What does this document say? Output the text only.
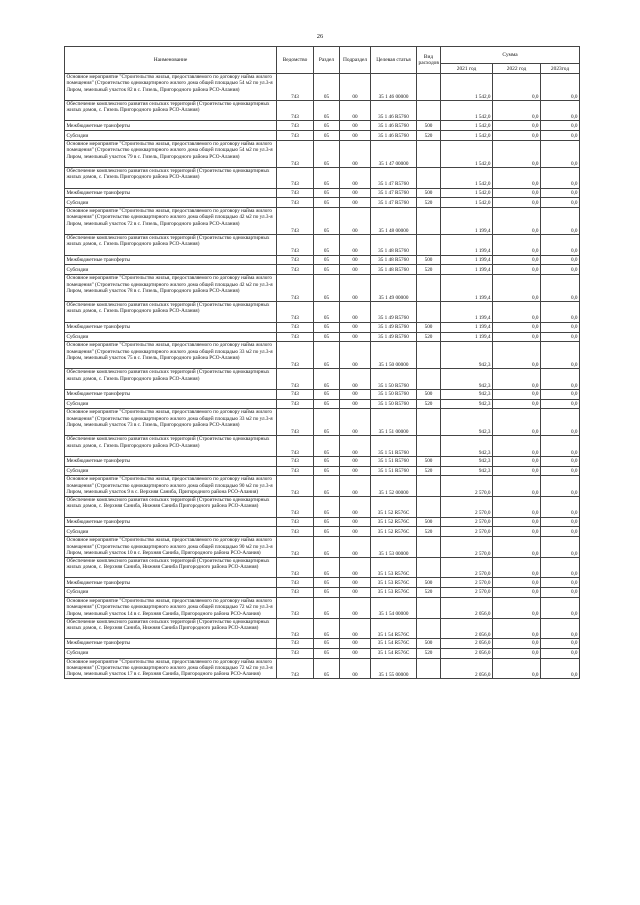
26
Наименование	Ведомство	Раздел	Подраздел	Целевая статья	Вид расходов	Сумма		
						2021 год	2022 год	2023год
Основное мероприятие "Строительство жилья, предоставляемого по договору найма жилого помещения" (Строительство одноквартирного жилого дома общей площадью 54 м2 по ул.3-я Лиром, земельный участок 82 в с. Гизель, Пригородного района РСО-Алания)	743	05	00	35 1 46 00000		1 542,0	0,0	0,0
Обеспечение комплексного развития сельских территорий (Строительство одноквартирных жилых домов, с. Гизель Пригородного района РСО-Алания)	743	05	00	35 1 46 R5760		1 542,0	0,0	0,0
Межбюджетные трансферты	743	05	00	35 1 46 R5760	500	1 542,0	0,0	0,0
Субсидии	743	05	00	35 1 46 R5760	520	1 542,0	0,0	0,0
Основное мероприятие "Строительство жилья, предоставляемого по договору найма жилого помещения" (Строительство одноквартирного жилого дома общей площадью 54 м2 по ул.3-я Лиром, земельный участок 79 в с. Гизель, Пригородного района РСО-Алания)	743	05	00	35 1 47 00000		1 542,0	0,0	0,0
Обеспечение комплексного развития сельских территорий (Строительство одноквартирных жилых домов, с. Гизель Пригородного района РСО-Алания)	743	05	00	35 1 47 R5760		1 542,0	0,0	0,0
Межбюджетные трансферты	743	05	00	35 1 47 R5760	500	1 542,0	0,0	0,0
Субсидии	743	05	00	35 1 47 R5760	520	1 542,0	0,0	0,0
Основное мероприятие "Строительство жилья, предоставляемого по договору найма жилого помещения" (Строительство одноквартирного жилого дома общей площадью 42 м2 по ул.3-я Лиром, земельный участок 72 в с. Гизель, Пригородного района РСО-Алания)	743	05	00	35 1 48 00000		1 199,4	0,0	0,0
Обеспечение комплексного развития сельских территорий (Строительство одноквартирных жилых домов, с. Гизель Пригородного района РСО-Алания)	743	05	00	35 1 48 R5760		1 199,4	0,0	0,0
Межбюджетные трансферты	743	05	00	35 1 48 R5760	500	1 199,4	0,0	0,0
Субсидии	743	05	00	35 1 48 R5760	520	1 199,4	0,0	0,0
Основное мероприятие "Строительство жилья, предоставляемого по договору найма жилого помещения" (Строительство одноквартирного жилого дома общей площадью 42 м2 по ул.3-я Лиром, земельный участок 78 в с. Гизель, Пригородного района РСО-Алания)	743	05	00	35 1 49 00000		1 199,4	0,0	0,0
Обеспечение комплексного развития сельских территорий (Строительство одноквартирных жилых домов, с. Гизель Пригородного района РСО-Алания)	743	05	00	35 1 49 R5760		1 199,4	0,0	0,0
Межбюджетные трансферты	743	05	00	35 1 49 R5760	500	1 199,4	0,0	0,0
Субсидии	743	05	00	35 1 49 R5760	520	1 199,4	0,0	0,0
Основное мероприятие "Строительство жилья, предоставляемого по договору найма жилого помещения" (Строительство одноквартирного жилого дома общей площадью 33 м2 по ул.3-я Лиром, земельный участок 75 в с. Гизель, Пригородного района РСО-Алания)	743	05	00	35 1 50 00000		942,3	0,0	0,0
Обеспечение комплексного развития сельских территорий (Строительство одноквартирных жилых домов, с. Гизель Пригородного района РСО-Алания)	743	05	00	35 1 50 R5760		942,3	0,0	0,0
Межбюджетные трансферты	743	05	00	35 1 50 R5760	500	942,3	0,0	0,0
Субсидии	743	05	00	35 1 50 R5760	520	942,3	0,0	0,0
Основное мероприятие "Строительство жилья, предоставляемого по договору найма жилого помещения" (Строительство одноквартирного жилого дома общей площадью 33 м2 по ул.3-я Лиром, земельный участок 73 в с. Гизель, Пригородного района РСО-Алания)	743	05	00	35 1 51 00000		942,3	0,0	0,0
Обеспечение комплексного развития сельских территорий (Строительство одноквартирных жилых домов, с. Гизель Пригородного района РСО-Алания)	743	05	00	35 1 51 R5760		942,3	0,0	0,0
Межбюджетные трансферты	743	05	00	35 1 51 R5760	500	942,3	0,0	0,0
Субсидии	743	05	00	35 1 51 R5760	520	942,3	0,0	0,0
Основное мероприятие "Строительство жилья, предоставляемого по договору найма жилого помещения" (Строительство одноквартирного жилого дома общей площадью 90 м2 по ул.3-я Лиром, земельный участок 9 в с. Верхняя Саниба, Пригородного района РСО-Алания)	743	05	00	35 1 52 00000		2 570,0	0,0	0,0
Обеспечение комплексного развития сельских территорий (Строительство одноквартирных жилых домов, с. Верхняя Саниба, Нижняя Саниба Пригородного района РСО-Алания)	743	05	00	35 1 52 R576C		2 570,0	0,0	0,0
Межбюджетные трансферты	743	05	00	35 1 52 R576C	500	2 570,0	0,0	0,0
Субсидии	743	05	00	35 1 52 R576C	520	2 570,0	0,0	0,0
Основное мероприятие "Строительство жилья, предоставляемого по договору найма жилого помещения" (Строительство одноквартирного жилого дома общей площадью 90 м2 по ул.3-я Лиром, земельный участок 10 в с. Верхняя Саниба, Пригородного района РСО-Алания)	743	05	00	35 1 53 00000		2 570,0	0,0	0,0
Обеспечение комплексного развития сельских территорий (Строительство одноквартирных жилых домов, с. Верхняя Саниба, Нижняя Саниба Пригородного района РСО-Алания)	743	05	00	35 1 53 R576C		2 570,0	0,0	0,0
Межбюджетные трансферты	743	05	00	35 1 53 R576C	500	2 570,0	0,0	0,0
Субсидии	743	05	00	35 1 53 R576C	520	2 570,0	0,0	0,0
Основное мероприятие "Строительство жилья, предоставляемого по договору найма жилого помещения" (Строительство одноквартирного жилого дома общей площадью 72 м2 по ул.3-я Лиром, земельный участок 14 в с. Верхняя Саниба, Пригородного района РСО-Алания)	743	05	00	35 1 54 00000		2 056,0	0,0	0,0
Обеспечение комплексного развития сельских территорий (Строительство одноквартирных жилых домов, с. Верхняя Саниба, Нижняя Саниба Пригородного района РСО-Алания)	743	05	00	35 1 54 R576C		2 056,0	0,0	0,0
Межбюджетные трансферты	743	05	00	35 1 54 R576C	500	2 056,0	0,0	0,0
Субсидии	743	05	00	35 1 54 R576C	520	2 056,0	0,0	0,0
Основное мероприятие "Строительство жилья, предоставляемого по договору найма жилого помещения" (Строительство одноквартирного жилого дома общей площадью 72 м2 по ул.3-я Лиром, земельный участок 17 в с. Верхняя Саниба, Пригородного района РСО-Алания)	743	05	00	35 1 55 00000		2 056,0	0,0	0,0
